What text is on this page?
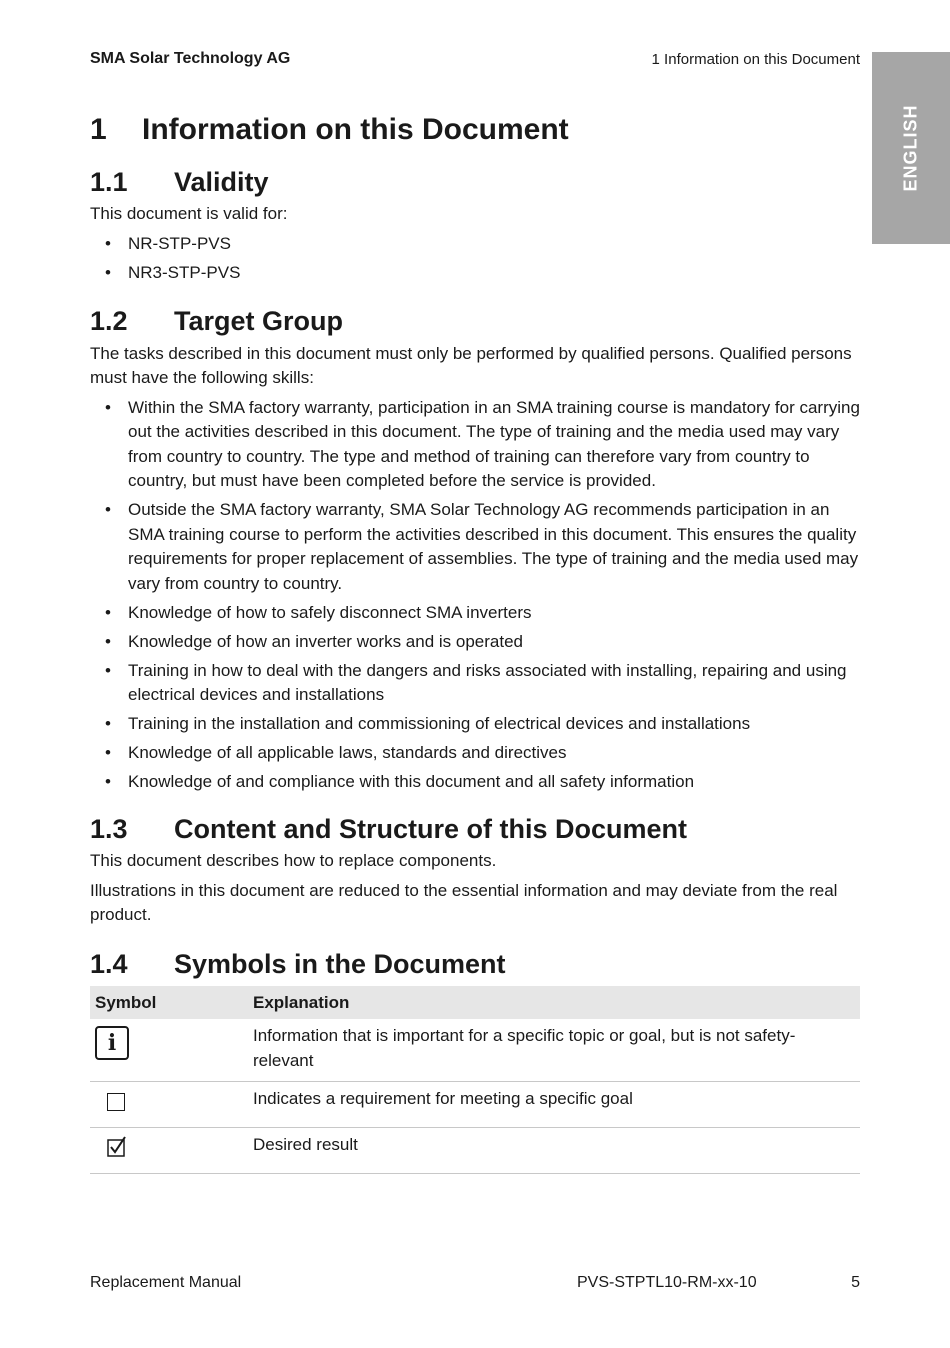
SMA Solar Technology AG	1 Information on this Document
ENGLISH
1	Information on this Document
1.1	Validity

This document is valid for:

• NR-STP-PVS
• NR3-STP-PVS
1.2	Target Group

The tasks described in this document must only be performed by qualified persons. Qualified persons must have the following skills:

• Within the SMA factory warranty, participation in an SMA training course is mandatory for carrying out the activities described in this document. The type of training and the media used may vary from country to country. The type and method of training can therefore vary from country to country, but must have been completed before the service is provided.
• Outside the SMA factory warranty, SMA Solar Technology AG recommends participation in an SMA training course to perform the activities described in this document. This ensures the quality requirements for proper replacement of assemblies. The type of training and the media used may vary from country to country.
• Knowledge of how to safely disconnect SMA inverters
• Knowledge of how an inverter works and is operated
• Training in how to deal with the dangers and risks associated with installing, repairing and using electrical devices and installations
• Training in the installation and commissioning of electrical devices and installations
• Knowledge of all applicable laws, standards and directives
• Knowledge of and compliance with this document and all safety information
1.3	Content and Structure of this Document

This document describes how to replace components.

Illustrations in this document are reduced to the essential information and may deviate from the real product.

1.4	Symbols in the Document
Symbol	Explanation
i	Information that is important for a specific topic or goal, but is not safety-relevant
	Indicates a requirement for meeting a specific goal
	Desired result
Replacement Manual	PVS-STPTL10-RM-xx-10	5
